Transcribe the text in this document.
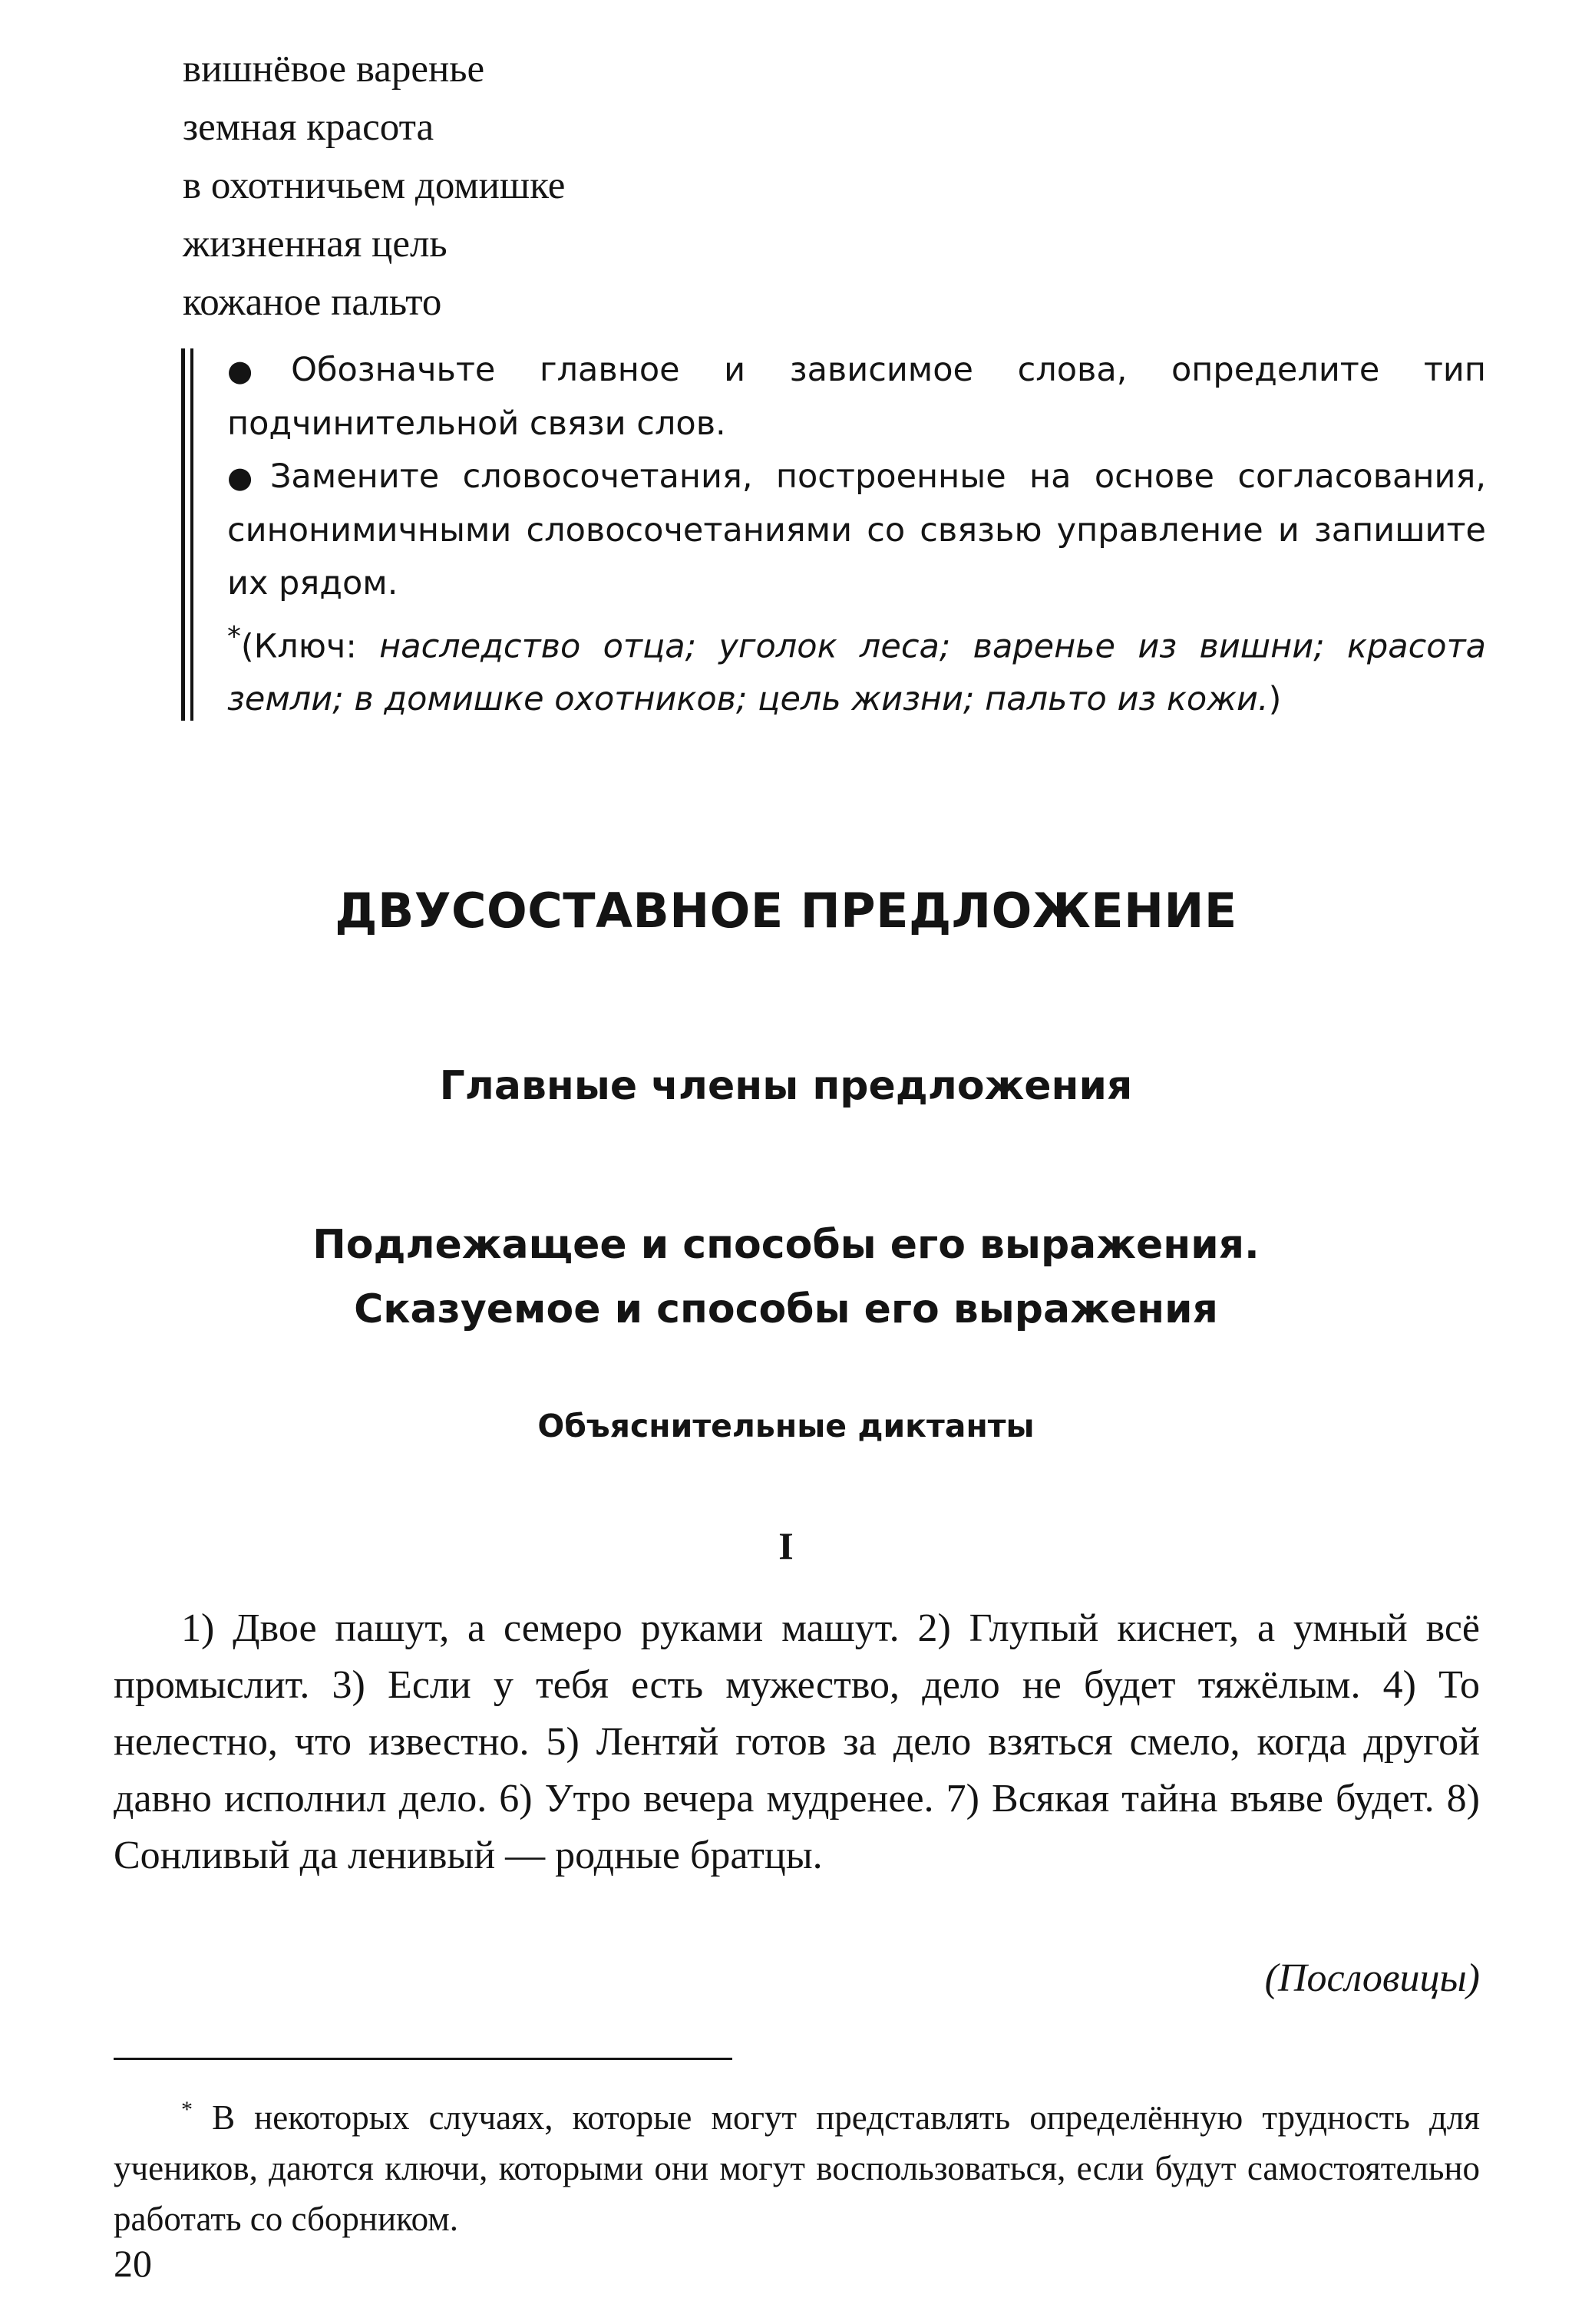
вишнёвое варенье
земная красота
в охотничьем домишке
жизненная цель
кожаное пальто

● Обозначьте главное и зависимое слова, определите тип подчинительной связи слов.

● Замените словосочетания, построенные на основе согласования, синонимичными словосочетаниями со связью управление и запишите их рядом.

*(Ключ: наследство отца; уголок леса; варенье из вишни; красота земли; в домишке охотников; цель жизни; пальто из кожи.)

ДВУСОСТАВНОЕ ПРЕДЛОЖЕНИЕ
Главные члены предложения
Подлежащее и способы его выражения.
Сказуемое и способы его выражения
Объяснительные диктанты
I

1) Двое пашут, а семеро руками машут. 2) Глупый киснет, а умный всё промыслит. 3) Если у тебя есть мужество, дело не будет тяжёлым. 4) То нелестно, что известно. 5) Лентяй готов за дело взяться смело, когда другой давно исполнил дело. 6) Утро вечера мудренее. 7) Всякая тайна въяве будет. 8) Сонливый да ленивый — родные братцы.

(Пословицы)

* В некоторых случаях, которые могут представлять определённую трудность для учеников, даются ключи, которыми они могут воспользоваться, если будут самостоятельно работать со сборником.

20
